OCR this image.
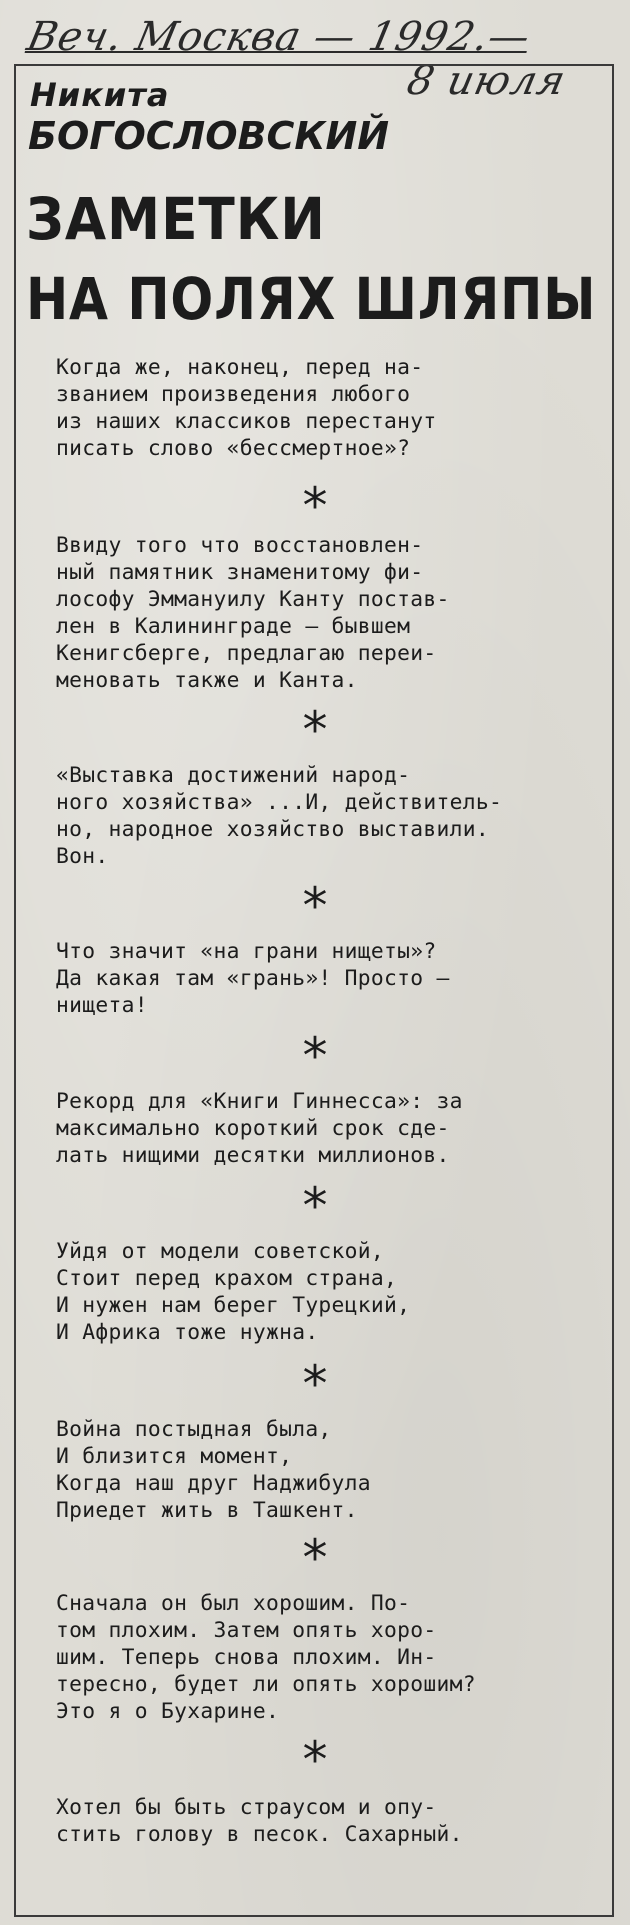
Веч. Москва — 1992.—
8 июля
Никита
БОГОСЛОВСКИЙ
ЗАМЕТКИ
НА ПОЛЯХ ШЛЯПЫ

Когда же, наконец, перед на-

званием произведения любого

из наших классиков перестанут

писать слово «бессмертное»?

*

Ввиду того что восстановлен-

ный памятник знаменитому фи-

лософу Эммануилу Канту постав-

лен в Калининграде — бывшем

Кенигсберге, предлагаю переи-

меновать также и Канта.

*

«Выставка достижений народ-

ного хозяйства» ...И, действитель-

но, народное хозяйство выставили.

Вон.

*

Что значит «на грани нищеты»?

Да какая там «грань»! Просто —

нищета!

*

Рекорд для «Книги Гиннесса»: за

максимально короткий срок сде-

лать нищими десятки миллионов.

*

Уйдя от модели советской,

Стоит перед крахом страна,

И нужен нам берег Турецкий,

И Африка тоже нужна.

*

Война постыдная была,

И близится момент,

Когда наш друг Наджибула

Приедет жить в Ташкент.

*

Сначала он был хорошим. По-

том плохим. Затем опять хоро-

шим. Теперь снова плохим. Ин-

тересно, будет ли опять хорошим?

Это я о Бухарине.

*

Хотел бы быть страусом и опу-

стить голову в песок. Сахарный.
